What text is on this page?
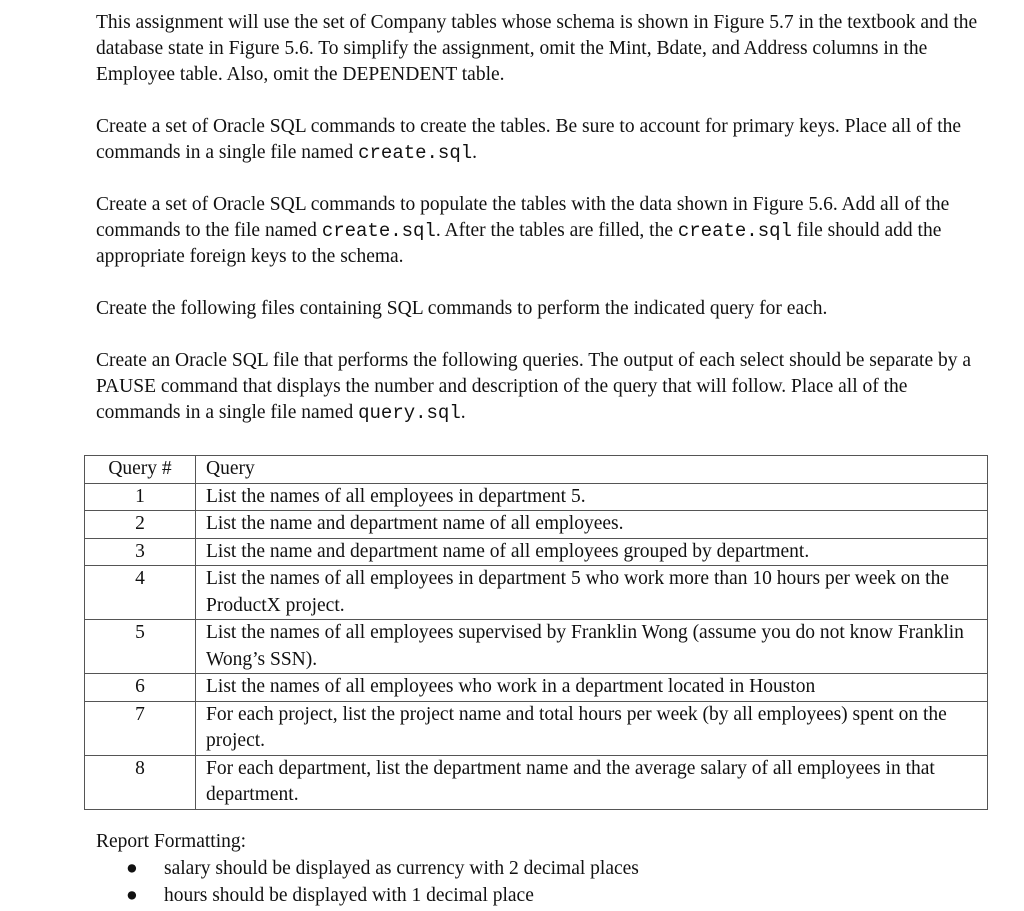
This assignment will use the set of Company tables whose schema is shown in Figure 5.7 in the textbook and the database state in Figure 5.6. To simplify the assignment, omit the Mint, Bdate, and Address columns in the Employee table. Also, omit the DEPENDENT table.

Create a set of Oracle SQL commands to create the tables. Be sure to account for primary keys. Place all of the commands in a single file named create.sql.

Create a set of Oracle SQL commands to populate the tables with the data shown in Figure 5.6. Add all of the commands to the file named create.sql. After the tables are filled, the create.sql file should add the appropriate foreign keys to the schema.

Create the following files containing SQL commands to perform the indicated query for each.

Create an Oracle SQL file that performs the following queries. The output of each select should be separate by a PAUSE command that displays the number and description of the query that will follow. Place all of the commands in a single file named query.sql.

Query #	Query
1	List the names of all employees in department 5.
2	List the name and department name of all employees.
3	List the name and department name of all employees grouped by department.
4	List the names of all employees in department 5 who work more than 10 hours per week on the ProductX project.
5	List the names of all employees supervised by Franklin Wong (assume you do not know Franklin Wong’s SSN).
6	List the names of all employees who work in a department located in Houston
7	For each project, list the project name and total hours per week (by all employees) spent on the project.
8	For each department, list the department name and the average salary of all employees in that department.
Report Formatting:
● salary should be displayed as currency with 2 decimal places
● hours should be displayed with 1 decimal place
